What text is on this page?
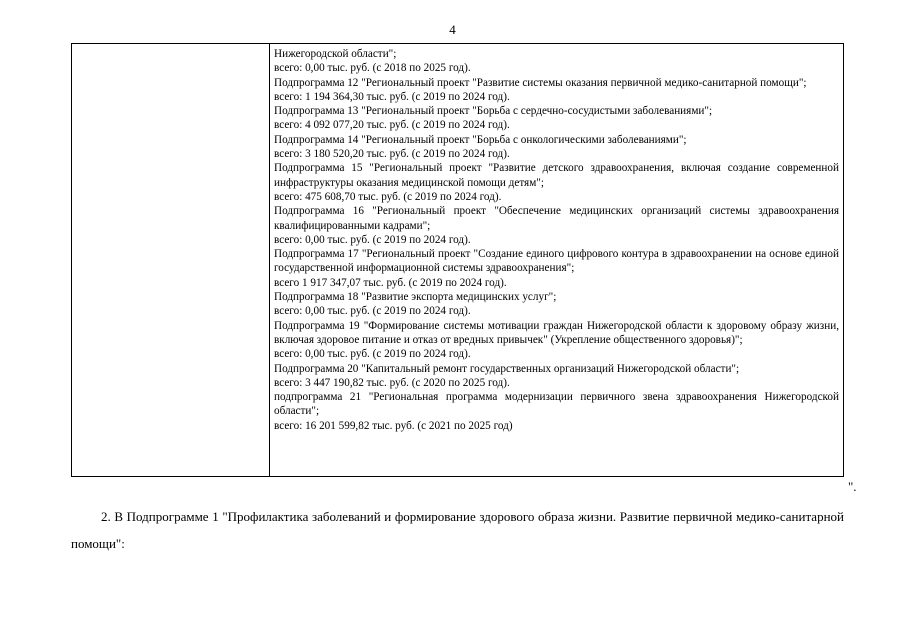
4

Нижегородской области";
всего: 0,00 тыс. руб. (с 2018 по 2025 год).
Подпрограмма 12 "Региональный проект "Развитие системы оказания первичной медико-санитарной помощи";
всего: 1 194 364,30 тыс. руб. (с 2019 по 2024 год).
Подпрограмма 13 "Региональный проект "Борьба с сердечно-сосудистыми заболеваниями";
всего: 4 092 077,20 тыс. руб. (с 2019 по 2024 год).
Подпрограмма 14 "Региональный проект "Борьба с онкологическими заболеваниями";
всего: 3 180 520,20 тыс. руб. (с 2019 по 2024 год).
Подпрограмма 15 "Региональный проект "Развитие детского здравоохранения, включая создание современной инфраструктуры оказания медицинской помощи детям";
всего: 475 608,70 тыс. руб. (с 2019 по 2024 год).
Подпрограмма 16 "Региональный проект "Обеспечение медицинских организаций системы здравоохранения квалифицированными кадрами";
всего: 0,00 тыс. руб. (с 2019 по 2024 год).
Подпрограмма 17 "Региональный проект "Создание единого цифрового контура в здравоохранении на основе единой государственной информационной системы здравоохранения";
всего 1 917 347,07 тыс. руб. (с 2019 по 2024 год).
Подпрограмма 18 "Развитие экспорта медицинских услуг";
всего: 0,00 тыс. руб. (с 2019 по 2024 год).
Подпрограмма 19 "Формирование системы мотивации граждан Нижегородской области к здоровому образу жизни, включая здоровое питание и отказ от вредных привычек" (Укрепление общественного здоровья)";
всего: 0,00 тыс. руб. (с 2019 по 2024 год).
Подпрограмма 20 "Капитальный ремонт государственных организаций Нижегородской области";
всего: 3 447 190,82 тыс. руб. (с 2020 по 2025 год).
подпрограмма 21 "Региональная программа модернизации первичного звена здравоохранения Нижегородской области";
всего: 16 201 599,82 тыс. руб. (с 2021 по 2025 год)
".
2. В Подпрограмме 1 "Профилактика заболеваний и формирование здорового образа жизни. Развитие первичной медико-санитарной помощи":
